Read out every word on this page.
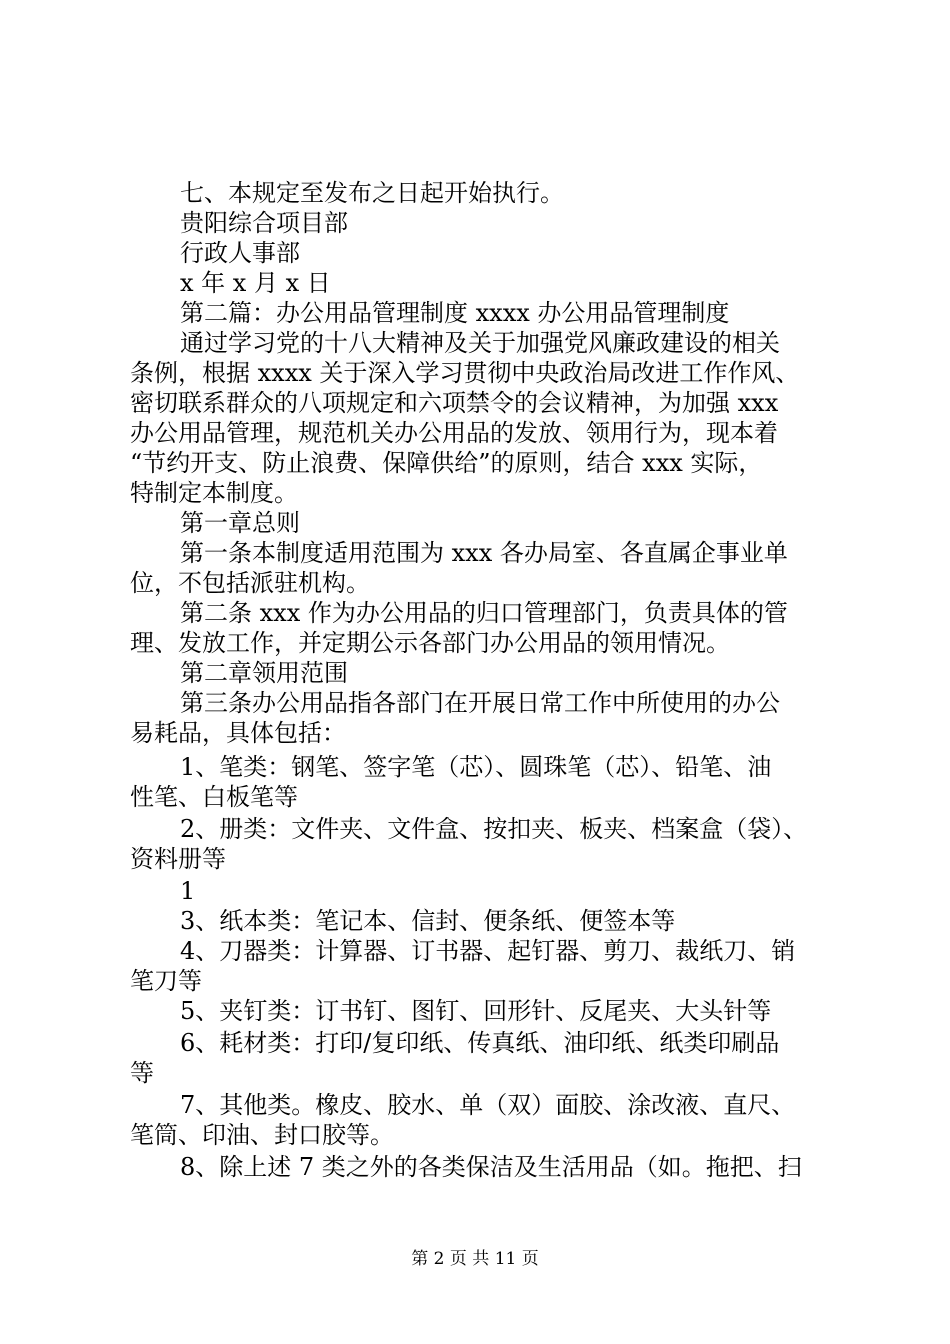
七、本规定至发布之日起开始执行。
贵阳综合项目部
行政人事部
x 年 x 月 x 日
第二篇：办公用品管理制度 xxxx 办公用品管理制度
通过学习党的十八大精神及关于加强党风廉政建设的相关
条例，根据 xxxx 关于深入学习贯彻中央政治局改进工作作风、
密切联系群众的八项规定和六项禁令的会议精神，为加强 xxx
办公用品管理，规范机关办公用品的发放、领用行为，现本着
“节约开支、防止浪费、保障供给”的原则，结合 xxx 实际，
特制定本制度。
第一章总则
第一条本制度适用范围为 xxx 各办局室、各直属企事业单
位，不包括派驻机构。
第二条 xxx 作为办公用品的归口管理部门，负责具体的管
理、发放工作，并定期公示各部门办公用品的领用情况。
第二章领用范围
第三条办公用品指各部门在开展日常工作中所使用的办公
易耗品，具体包括：
1、笔类：钢笔、签字笔（芯）、圆珠笔（芯）、铅笔、油
性笔、白板笔等
2、册类：文件夹、文件盒、按扣夹、板夹、档案盒（袋）、
资料册等
1
3、纸本类：笔记本、信封、便条纸、便签本等
4、刀器类：计算器、订书器、起钉器、剪刀、裁纸刀、销
笔刀等
5、夹钉类：订书钉、图钉、回形针、反尾夹、大头针等
6、耗材类：打印/复印纸、传真纸、油印纸、纸类印刷品
等
7、其他类。橡皮、胶水、单（双）面胶、涂改液、直尺、
笔筒、印油、封口胶等。
8、除上述 7 类之外的各类保洁及生活用品（如。拖把、扫
第 2 页 共 11 页
